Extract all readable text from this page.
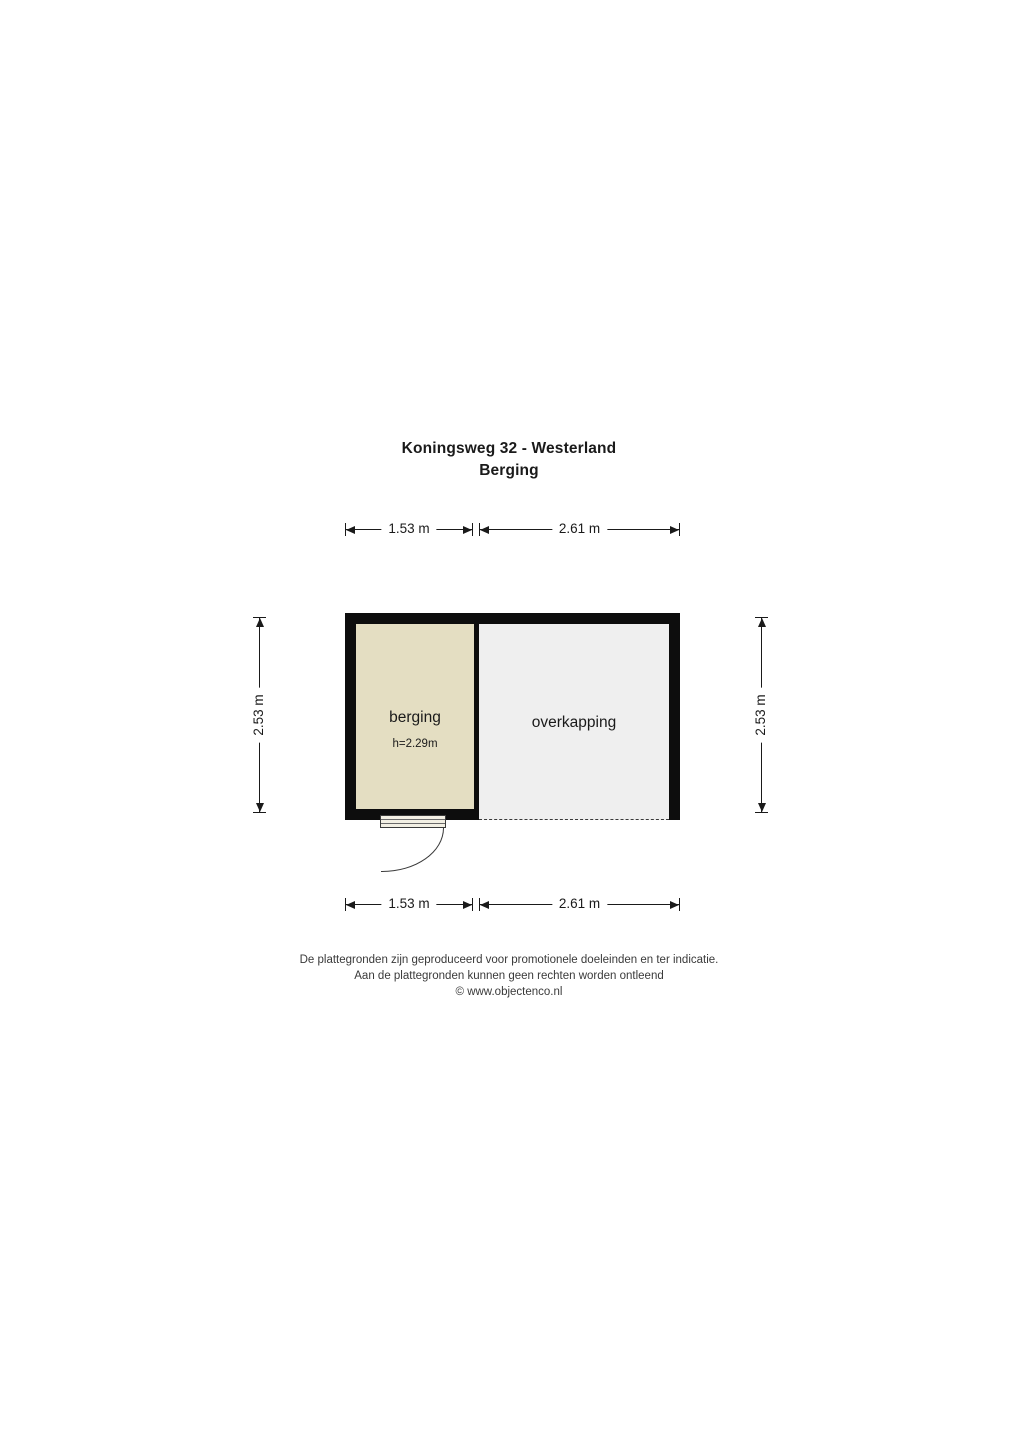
Koningsweg 32 - Westerland
Berging
1.53 m	2.61 m
2.53 m	2.53 m
berging
h=2.29m
overkapping
1.53 m	2.61 m
De plattegronden zijn geproduceerd voor promotionele doeleinden en ter indicatie.
Aan de plattegronden kunnen geen rechten worden ontleend
© www.objectenco.nl
